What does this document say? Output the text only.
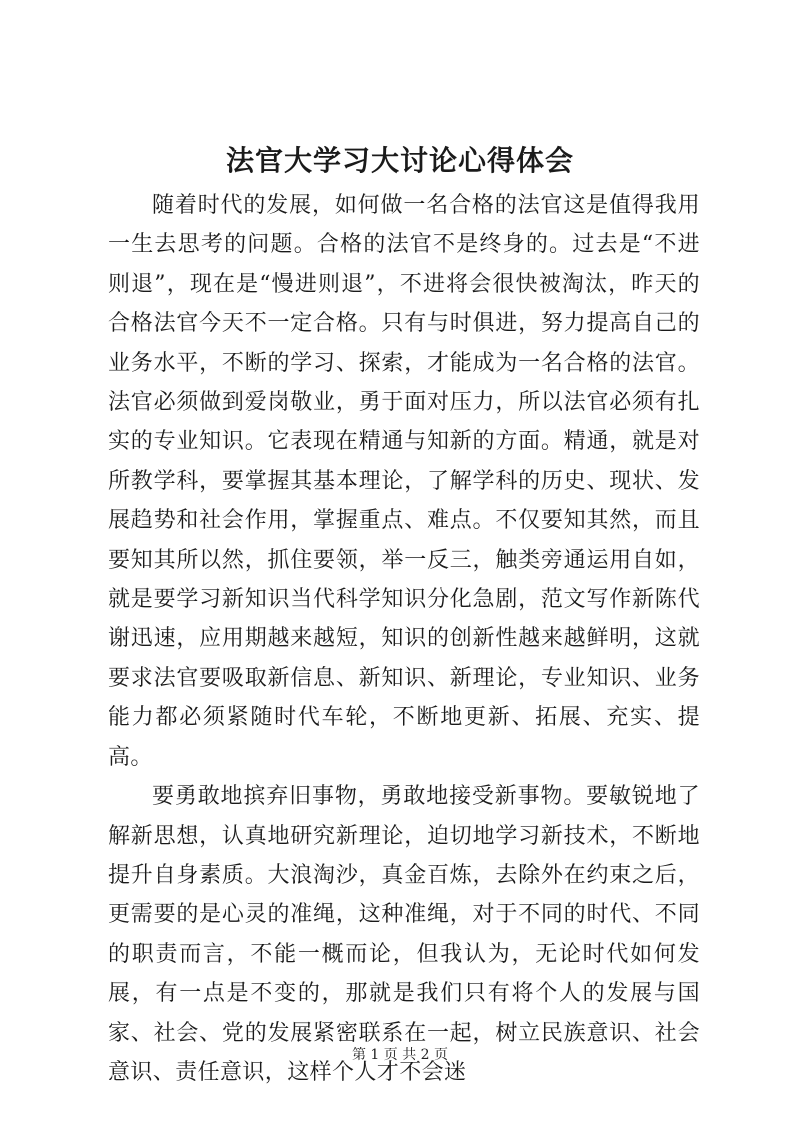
法官大学习大讨论心得体会

随着时代的发展，如何做一名合格的法官这是值得我用一生去思考的问题。合格的法官不是终身的。过去是“不进则退”，现在是“慢进则退”，不进将会很快被淘汰，昨天的合格法官今天不一定合格。只有与时俱进，努力提高自己的业务水平，不断的学习、探索，才能成为一名合格的法官。法官必须做到爱岗敬业，勇于面对压力，所以法官必须有扎实的专业知识。它表现在精通与知新的方面。精通，就是对所教学科，要掌握其基本理论，了解学科的历史、现状、发展趋势和社会作用，掌握重点、难点。不仅要知其然，而且要知其所以然，抓住要领，举一反三，触类旁通运用自如，就是要学习新知识当代科学知识分化急剧，范文写作新陈代谢迅速，应用期越来越短，知识的创新性越来越鲜明，这就要求法官要吸取新信息、新知识、新理论，专业知识、业务能力都必须紧随时代车轮，不断地更新、拓展、充实、提高。

要勇敢地摈弃旧事物，勇敢地接受新事物。要敏锐地了解新思想，认真地研究新理论，迫切地学习新技术，不断地提升自身素质。大浪淘沙，真金百炼，去除外在约束之后，更需要的是心灵的准绳，这种准绳，对于不同的时代、不同的职责而言，不能一概而论，但我认为，无论时代如何发展，有一点是不变的，那就是我们只有将个人的发展与国家、社会、党的发展紧密联系在一起，树立民族意识、社会意识、责任意识，这样个人才不会迷

第 1 页 共 2 页
